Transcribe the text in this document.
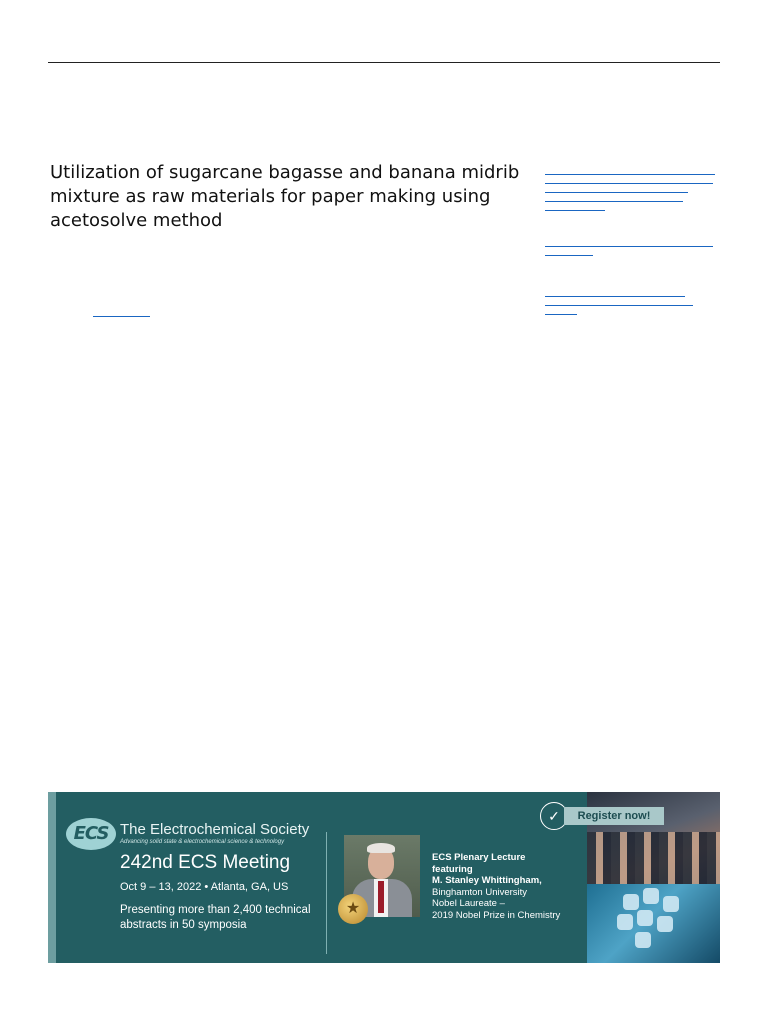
Utilization of sugarcane bagasse and banana midrib mixture as raw materials for paper making using acetosolve method

ECS The Electrochemical Society
Advancing solid state & electrochemical science & technology
242nd ECS Meeting
Oct 9 – 13, 2022 • Atlanta, GA, US
Presenting more than 2,400 technical abstracts in 50 symposia
★
ECS Plenary Lecture
featuring
M. Stanley Whittingham,
Binghamton University
Nobel Laureate –
2019 Nobel Prize in Chemistry
✓	Register now!
